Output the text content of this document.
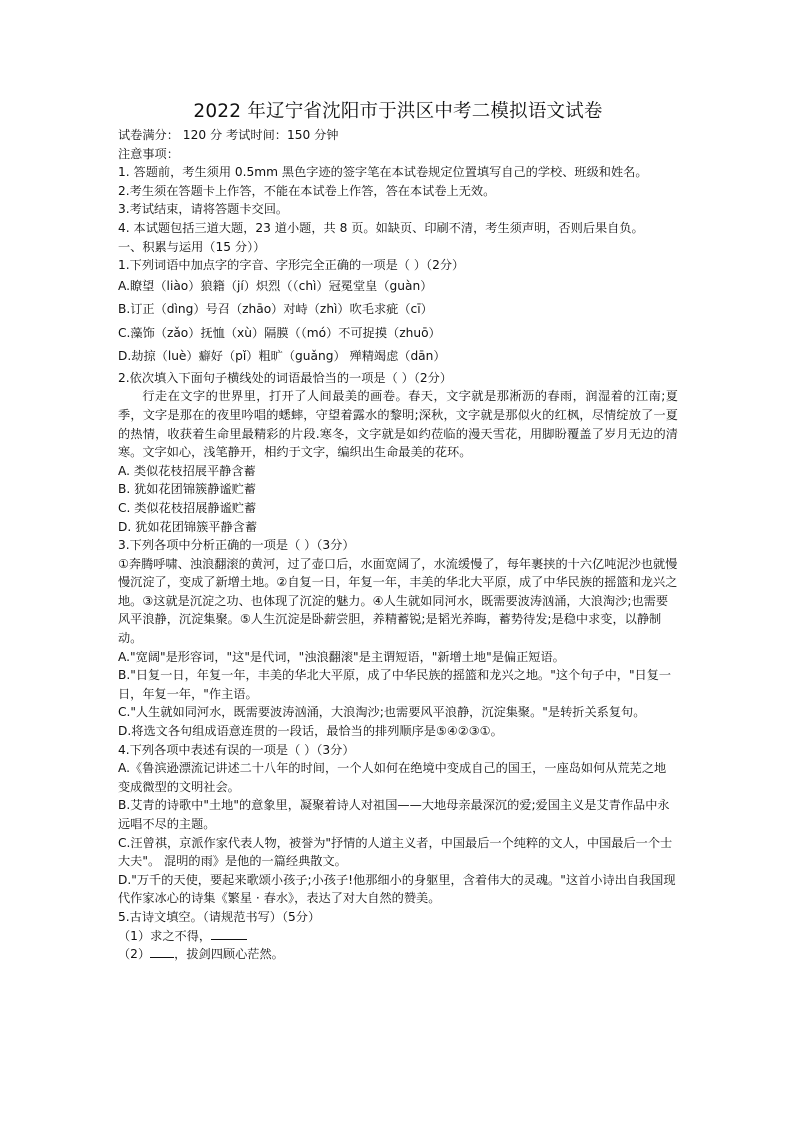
2022 年辽宁省沈阳市于洪区中考二模拟语文试卷

试卷满分： 120 分 考试时间：150 分钟

注意事项：

1. 答题前，考生须用 0.5mm 黑色字迹的签字笔在本试卷规定位置填写自己的学校、班级和姓名。

2.考生须在答题卡上作答，不能在本试卷上作答，答在本试卷上无效。

3.考试结束，请将答题卡交回。

4. 本试题包括三道大题，23 道小题，共 8 页。如缺页、印刷不清，考生须声明，否则后果自负。

一、积累与运用（15 分））

1.下列词语中加点字的字音、字形完全正确的一项是（ ）（2分）

A.瞭望（liào）狼籍（jí）炽烈（（chì）冠冕堂皇（guàn）

B.订正（dìng）号召（zhāo）对峙（zhì）吹毛求疵（cī）

C.藻饰（zǎo）抚恤（xù）隔膜（（mó）不可捉摸（zhuō）

D.劫掠（luè）癖好（pǐ）粗旷（guǎng） 殚精竭虑（dān）

2.依次填入下面句子横线处的词语最恰当的一项是（ ）（2分）

行走在文字的世界里，打开了人间最美的画卷。春天，文字就是那淅沥的春雨，润湿着的江南;夏季，文字是那在的夜里吟唱的蟋蟀，守望着露水的黎明;深秋，文字就是那似火的红枫，尽情绽放了一夏的热情，收获着生命里最精彩的片段.寒冬，文字就是如约莅临的漫天雪花，用脚盼覆盖了岁月无边的清寒。文字如心，浅笔静开，相约于文字，编织出生命最美的花环。

A. 类似花枝招展平静含蓄

B. 犹如花团锦簇静谧贮蓄

C. 类似花枝招展静谧贮蓄

D. 犹如花团锦簇平静含蓄

3.下列各项中分析正确的一项是（ ）（3分）

①奔腾呼啸、浊浪翻滚的黄河，过了壶口后，水面宽阔了，水流缓慢了，每年裹挟的十六亿吨泥沙也就慢慢沉淀了，变成了新增土地。②自复一日，年复一年，丰美的华北大平原，成了中华民族的摇篮和龙兴之地。③这就是沉淀之功、也体现了沉淀的魅力。④人生就如同河水，既需要波涛汹涌，大浪淘沙;也需要风平浪静，沉淀集聚。⑤人生沉淀是卧薪尝胆，养精蓄锐;是韬光养晦，蓄势待发;是稳中求变，以静制动。

A."宽阔"是形容词，"这"是代词，"浊浪翻滚"是主谓短语，"新增土地"是偏正短语。

B."日复一日，年复一年，丰美的华北大平原，成了中华民族的摇篮和龙兴之地。"这个句子中，"日复一日，年复一年，"作主语。

C."人生就如同河水，既需要波涛汹涌，大浪淘沙;也需要风平浪静，沉淀集聚。"是转折关系复句。

D.将选文各句组成语意连贯的一段话，最恰当的排列顺序是⑤④②③①。

4.下列各项中表述有误的一项是（ ）（3分）

A.《鲁滨逊漂流记讲述二十八年的时间，一个人如何在绝境中变成自己的国王，一座岛如何从荒芜之地变成微型的文明社会。

B.艾青的诗歌中"土地"的意象里，凝聚着诗人对祖国——大地母亲最深沉的爱;爱国主义是艾青作品中永远唱不尽的主题。

C.汪曾祺，京派作家代表人物，被誉为"抒情的人道主义者，中国最后一个纯粹的文人，中国最后一个士大夫"。 混明的雨》是他的一篇经典散文。

D."万千的天使，要起来歌颂小孩子;小孩子!他那细小的身躯里，含着伟大的灵魂。"这首小诗出自我国现代作家冰心的诗集《繁星 · 春水》，表达了对大自然的赞美。

5.古诗文填空。（请规范书写）（5分）

（1）求之不得，

（2） ，拔剑四顾心茫然。
